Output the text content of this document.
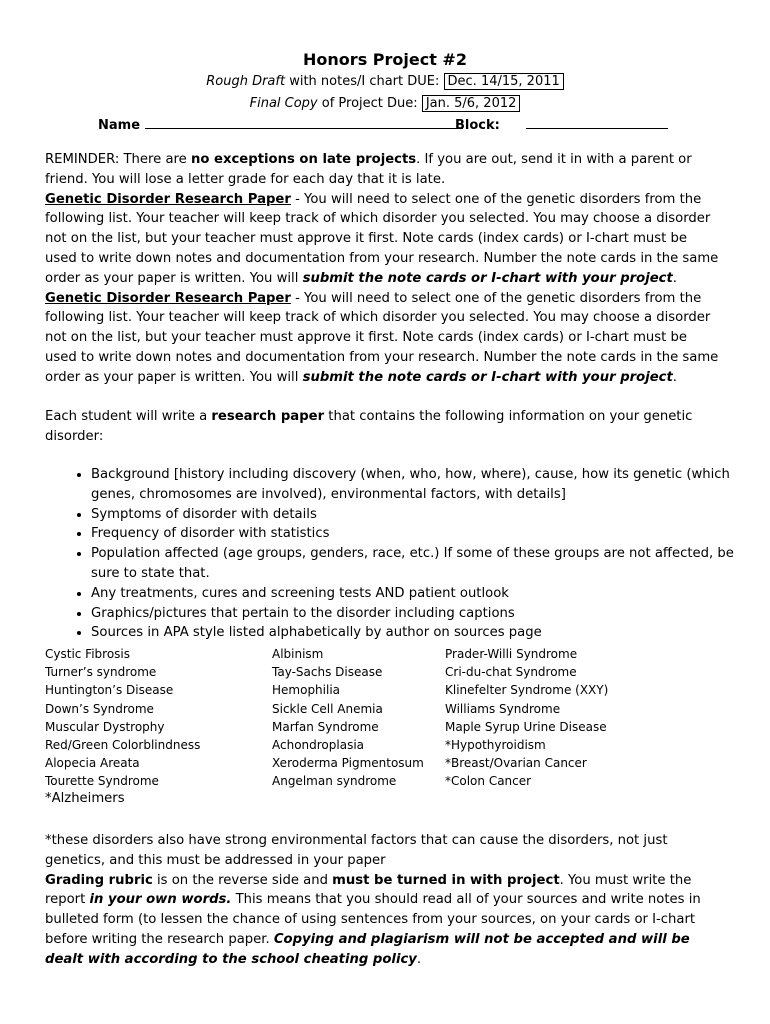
Honors Project #2
Rough Draft with notes/I chart DUE: Dec. 14/15, 2011
Final Copy of Project Due: Jan. 5/6, 2012
Name	Block:

REMINDER: There are no exceptions on late projects. If you are out, send it in with a parent or friend. You will lose a letter grade for each day that it is late.

Genetic Disorder Research Paper - You will need to select one of the genetic disorders from the following list. Your teacher will keep track of which disorder you selected. You may choose a disorder not on the list, but your teacher must approve it first. Note cards (index cards) or I-chart must be used to write down notes and documentation from your research. Number the note cards in the same order as your paper is written. You will submit the note cards or I-chart with your project.

Genetic Disorder Research Paper - You will need to select one of the genetic disorders from the following list. Your teacher will keep track of which disorder you selected. You may choose a disorder not on the list, but your teacher must approve it first. Note cards (index cards) or I-chart must be used to write down notes and documentation from your research. Number the note cards in the same order as your paper is written. You will submit the note cards or I-chart with your project.

Each student will write a research paper that contains the following information on your genetic disorder:

• Background [history including discovery (when, who, how, where), cause, how its genetic (which genes, chromosomes are involved), environmental factors, with details]
• Symptoms of disorder with details
• Frequency of disorder with statistics
• Population affected (age groups, genders, race, etc.) If some of these groups are not affected, be sure to state that.
• Any treatments, cures and screening tests AND patient outlook
• Graphics/pictures that pertain to the disorder including captions
• Sources in APA style listed alphabetically by author on sources page
Cystic Fibrosis
Turner’s syndrome
Huntington’s Disease
Down’s Syndrome
Muscular Dystrophy
Red/Green Colorblindness
Alopecia Areata
Tourette Syndrome
Albinism
Tay-Sachs Disease
Hemophilia
Sickle Cell Anemia
Marfan Syndrome
Achondroplasia
Xeroderma Pigmentosum
Angelman syndrome
Prader-Willi Syndrome
Cri-du-chat Syndrome
Klinefelter Syndrome (XXY)
Williams Syndrome
Maple Syrup Urine Disease
*Hypothyroidism
*Breast/Ovarian Cancer
*Colon Cancer
*Alzheimers

*these disorders also have strong environmental factors that can cause the disorders, not just genetics, and this must be addressed in your paper

Grading rubric is on the reverse side and must be turned in with project. You must write the report in your own words. This means that you should read all of your sources and write notes in bulleted form (to lessen the chance of using sentences from your sources, on your cards or I-chart before writing the research paper. Copying and plagiarism will not be accepted and will be dealt with according to the school cheating policy.
